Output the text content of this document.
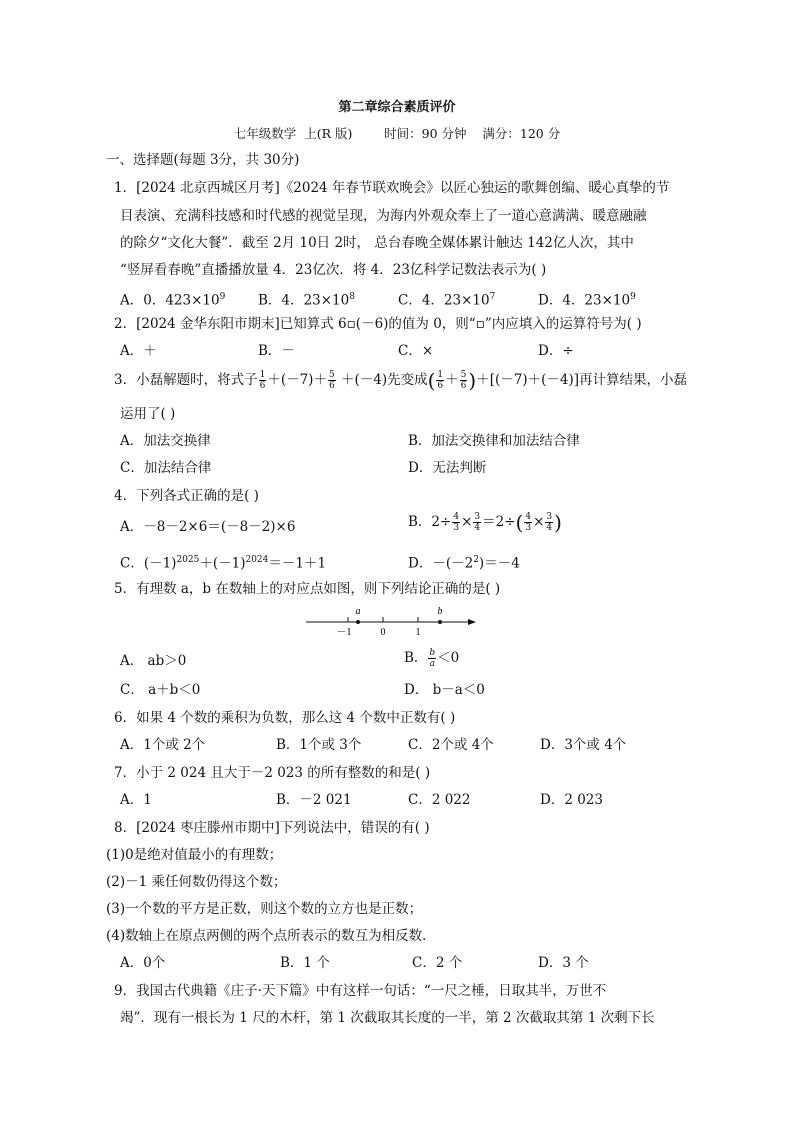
第二章综合素质评价
七年级数学  上(R 版)        时间：90 分钟    满分：120 分
一、选择题(每题 3分，共 30分)
1．[2024 北京西城区月考]《2024 年春节联欢晚会》以匠心独运的歌舞创编、暖心真挚的节
目表演、充满科技感和时代感的视觉呈现，为海内外观众奉上了一道心意满满、暖意融融
的除夕“文化大餐”．截至 2月 10日 2时， 总台春晚全媒体累计触达 142亿人次，其中
“竖屏看春晚”直播播放量 4．23亿次．将 4．23亿科学记数法表示为( )
A．0．$423\times 10^9$ B．4．$23\times 10^8$	C．4．$23\times 10^7$	D．4．$23\times 10^9$
2．[2024 金华东阳市期末]已知算式 6▫(－6)的值为 0，则“▫”内应填入的运算符号为( )
A．＋	B．－	C．×	D．÷
3．小磊解题时，将式子 $\frac{1}{6} +(-7)+ \frac{5}{6} +(-4)$先变成( $\frac{1}{6} + \frac{5}{6} )+[(-7)+(-4)]$再计算结果，小磊
运用了( )
A．加法交换律	B．加法交换律和加法结合律
C．加法结合律	D．无法判断
4．下列各式正确的是( )
A．－8－2×6＝(－8－2)×6	B．$2\div \frac{4}{3} \times \frac{3}{4} =2\div( \frac{4}{3} \times \frac{3}{4}$ )
C．$(-1)^{2025}+(-1)^{2024}=-1+1$	D．$-(-2^2)=-4$
5．有理数 a，b 在数轴上的对应点如图，则下列结论正确的是( )
a	b
－1	0	1
A． ab＞0	B． $\frac{b}{a} <0$
C． a＋b＜0	D． b－a＜0
6．如果 4 个数的乘积为负数，那么这 4 个数中正数有( )
A．1个或 2个	B．1个或 3个	C．2个或 4个	D．3个或 4个
7．小于 2 024 且大于－2 023 的所有整数的和是( )
A．1	B．－2 021	C．2 022	D．2 023
8．[2024 枣庄滕州市期中]下列说法中，错误的有( )
(1)0是绝对值最小的有理数；
(2)－1 乘任何数仍得这个数；
(3)一个数的平方是正数，则这个数的立方也是正数；
(4)数轴上在原点两侧的两个点所表示的数互为相反数．
A．0个	B．1 个	C．2 个	D．3 个
9．我国古代典籍《庄子·天下篇》中有这样一句话：“一尺之棰，日取其半，万世不
竭”．现有一根长为 1 尺的木杆，第 1 次截取其长度的一半，第 2 次截取其第 1 次剩下长
